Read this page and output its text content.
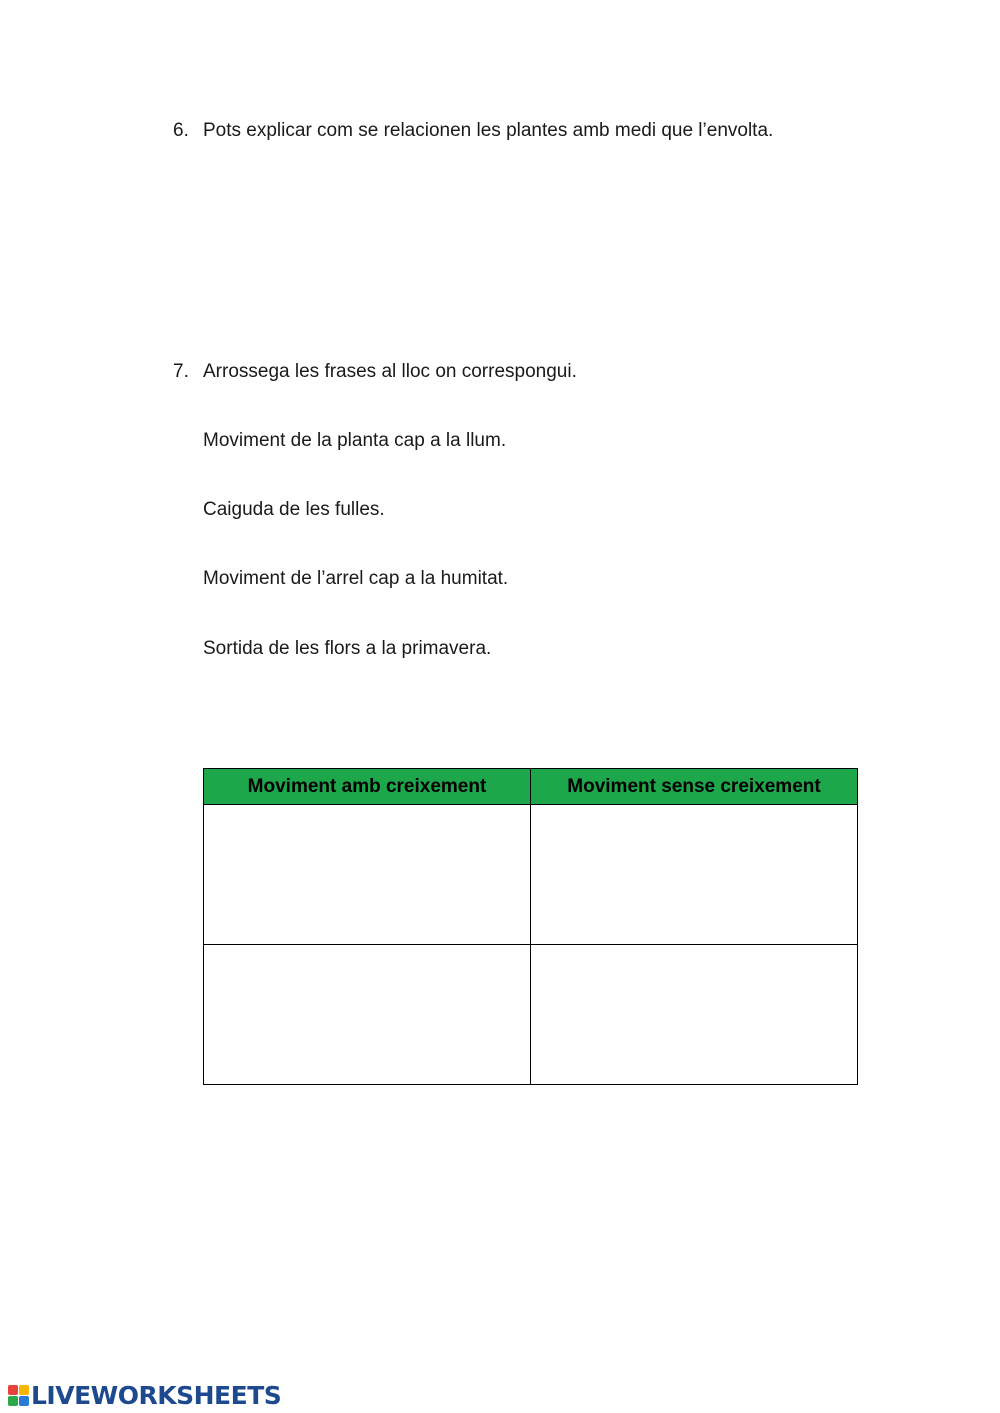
6. Pots explicar com se relacionen les plantes amb medi que l’envolta.
7. Arrossega les frases al lloc on correspongui.
Moviment de la planta cap a la llum.
Caiguda de les fulles.
Moviment de l’arrel cap a la humitat.
Sortida de les flors a la primavera.
Moviment amb creixement	Moviment sense creixement

LIVEWORKSHEETS
